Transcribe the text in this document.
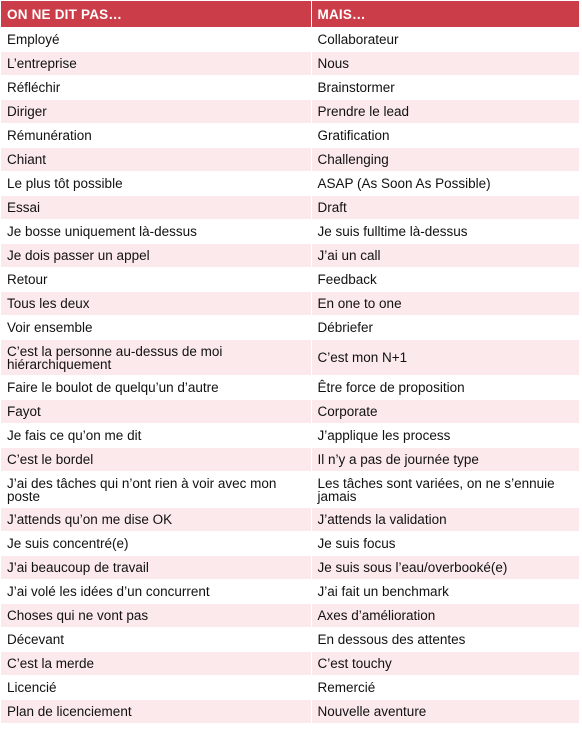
ON NE DIT PAS…	MAIS…
Employé	Collaborateur
L’entreprise	Nous
Réfléchir	Brainstormer
Diriger	Prendre le lead
Rémunération	Gratification
Chiant	Challenging
Le plus tôt possible	ASAP (As Soon As Possible)
Essai	Draft
Je bosse uniquement là-dessus	Je suis fulltime là-dessus
Je dois passer un appel	J’ai un call
Retour	Feedback
Tous les deux	En one to one
Voir ensemble	Débriefer
C’est la personne au-dessus de moi hiérarchiquement	C’est mon N+1
Faire le boulot de quelqu’un d’autre	Être force de proposition
Fayot	Corporate
Je fais ce qu’on me dit	J’applique les process
C’est le bordel	Il n’y a pas de journée type
J’ai des tâches qui n’ont rien à voir avec mon poste	Les tâches sont variées, on ne s’ennuie jamais
J’attends qu’on me dise OK	J’attends la validation
Je suis concentré(e)	Je suis focus
J’ai beaucoup de travail	Je suis sous l’eau/overbooké(e)
J’ai volé les idées d’un concurrent	J’ai fait un benchmark
Choses qui ne vont pas	Axes d’amélioration
Décevant	En dessous des attentes
C’est la merde	C’est touchy
Licencié	Remercié
Plan de licenciement	Nouvelle aventure
